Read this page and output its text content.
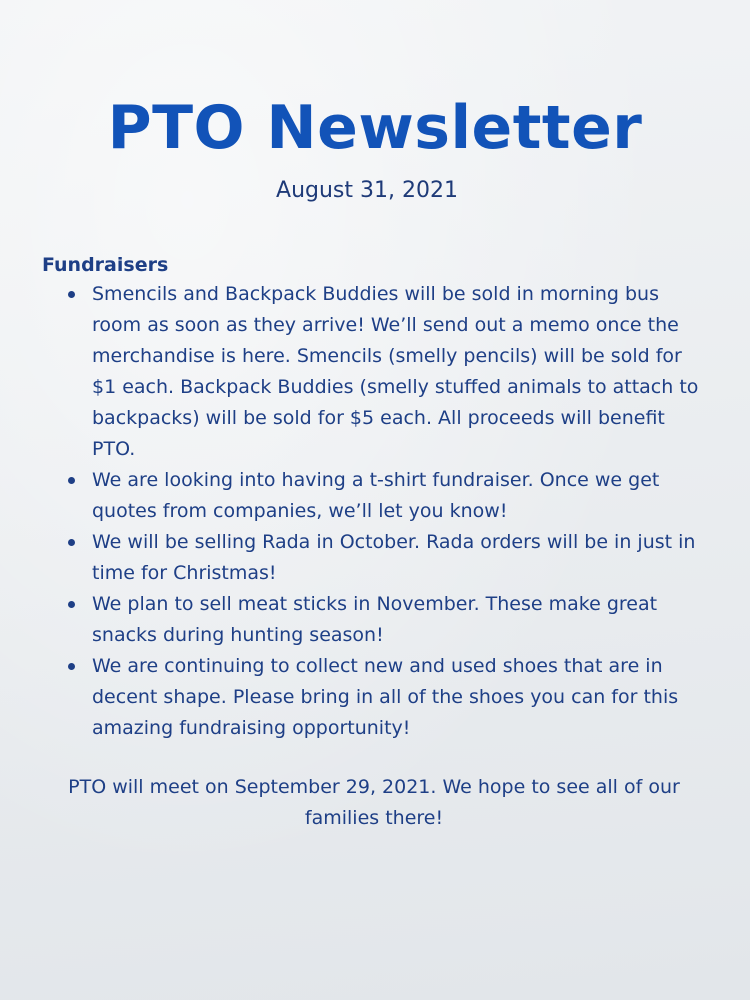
PTO Newsletter
August 31, 2021
Fundraisers
Smencils and Backpack Buddies will be sold in morning bus room as soon as they arrive! We’ll send out a memo once the merchandise is here. Smencils (smelly pencils) will be sold for $1 each. Backpack Buddies (smelly stuffed animals to attach to backpacks) will be sold for $5 each. All proceeds will benefit PTO.
We are looking into having a t-shirt fundraiser. Once we get quotes from companies, we’ll let you know!
We will be selling Rada in October. Rada orders will be in just in time for Christmas!
We plan to sell meat sticks in November. These make great snacks during hunting season!
We are continuing to collect new and used shoes that are in decent shape. Please bring in all of the shoes you can for this amazing fundraising opportunity!
PTO will meet on September 29, 2021. We hope to see all of our families there!
